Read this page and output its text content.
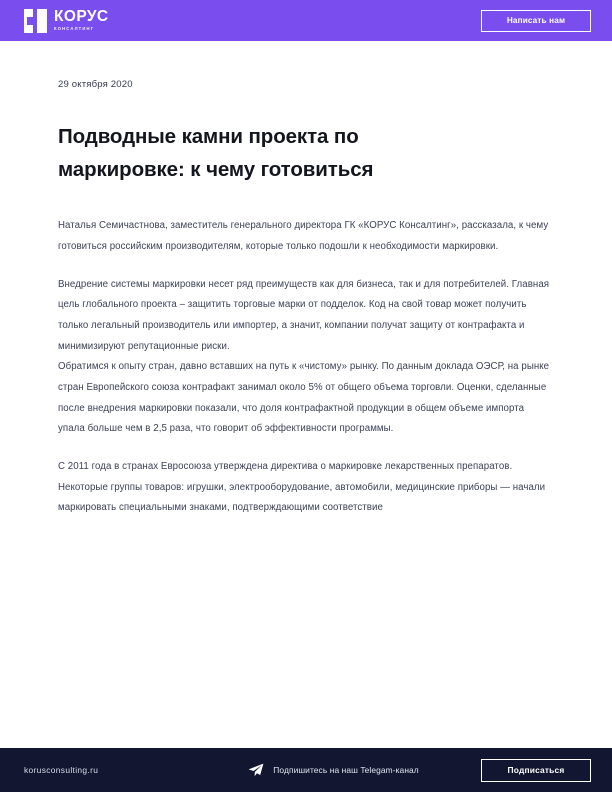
КОРУС
КОНСАЛТИНГ
Написать нам
29 октября 2020
Подводные камни проекта по маркировке: к чему готовиться

Наталья Семичастнова, заместитель генерального директора ГК «КОРУС Консалтинг», рассказала, к чему готовиться российским производителям, которые только подошли к необходимости маркировки.

Внедрение системы маркировки несет ряд преимуществ как для бизнеса, так и для потребителей. Главная цель глобального проекта – защитить торговые марки от подделок. Код на свой товар может получить только легальный производитель или импортер, а значит, компании получат защиту от контрафакта и минимизируют репутационные риски.

Обратимся к опыту стран, давно вставших на путь к «чистому» рынку. По данным доклада ОЭСР, на рынке стран Европейского союза контрафакт занимал около 5% от общего объема торговли. Оценки, сделанные после внедрения маркировки показали, что доля контрафактной продукции в общем объеме импорта упала больше чем в 2,5 раза, что говорит об эффективности программы.

С 2011 года в странах Евросоюза утверждена директива о маркировке лекарственных препаратов. Некоторые группы товаров: игрушки, электрооборудование, автомобили, медицинские приборы — начали маркировать специальными знаками, подтверждающими соответствие

korusconsulting.ru	Подпишитесь на наш Telegam-канал	Подписаться
